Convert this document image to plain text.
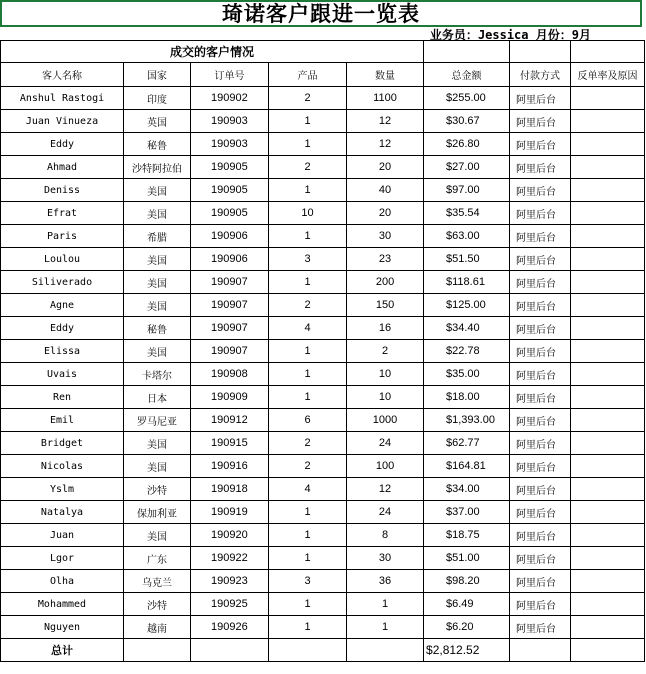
琦诺客户跟进一览表
业务员：Jessica 月份：9月
成交的客户情况							
客人名称	国家	订单号	产品	数量	总金额	付款方式	反单率及原因
Anshul Rastogi	印度	190902	2	1100	$255.00	阿里后台	
Juan Vinueza	英国	190903	1	12	$30.67	阿里后台	
Eddy	秘鲁	190903	1	12	$26.80	阿里后台	
Ahmad	沙特阿拉伯	190905	2	20	$27.00	阿里后台	
Deniss	美国	190905	1	40	$97.00	阿里后台	
Efrat	美国	190905	10	20	$35.54	阿里后台	
Paris	希腊	190906	1	30	$63.00	阿里后台	
Loulou	美国	190906	3	23	$51.50	阿里后台	
Siliverado	美国	190907	1	200	$118.61	阿里后台	
Agne	美国	190907	2	150	$125.00	阿里后台	
Eddy	秘鲁	190907	4	16	$34.40	阿里后台	
Elissa	美国	190907	1	2	$22.78	阿里后台	
Uvais	卡塔尔	190908	1	10	$35.00	阿里后台	
Ren	日本	190909	1	10	$18.00	阿里后台	
Emil	罗马尼亚	190912	6	1000	$1,393.00	阿里后台	
Bridget	美国	190915	2	24	$62.77	阿里后台	
Nicolas	美国	190916	2	100	$164.81	阿里后台	
Yslm	沙特	190918	4	12	$34.00	阿里后台	
Natalya	保加利亚	190919	1	24	$37.00	阿里后台	
Juan	美国	190920	1	8	$18.75	阿里后台	
Lgor	广东	190922	1	30	$51.00	阿里后台	
Olha	乌克兰	190923	3	36	$98.20	阿里后台	
Mohammed	沙特	190925	1	1	$6.49	阿里后台	
Nguyen	越南	190926	1	1	$6.20	阿里后台	
总计					$2,812.52		
